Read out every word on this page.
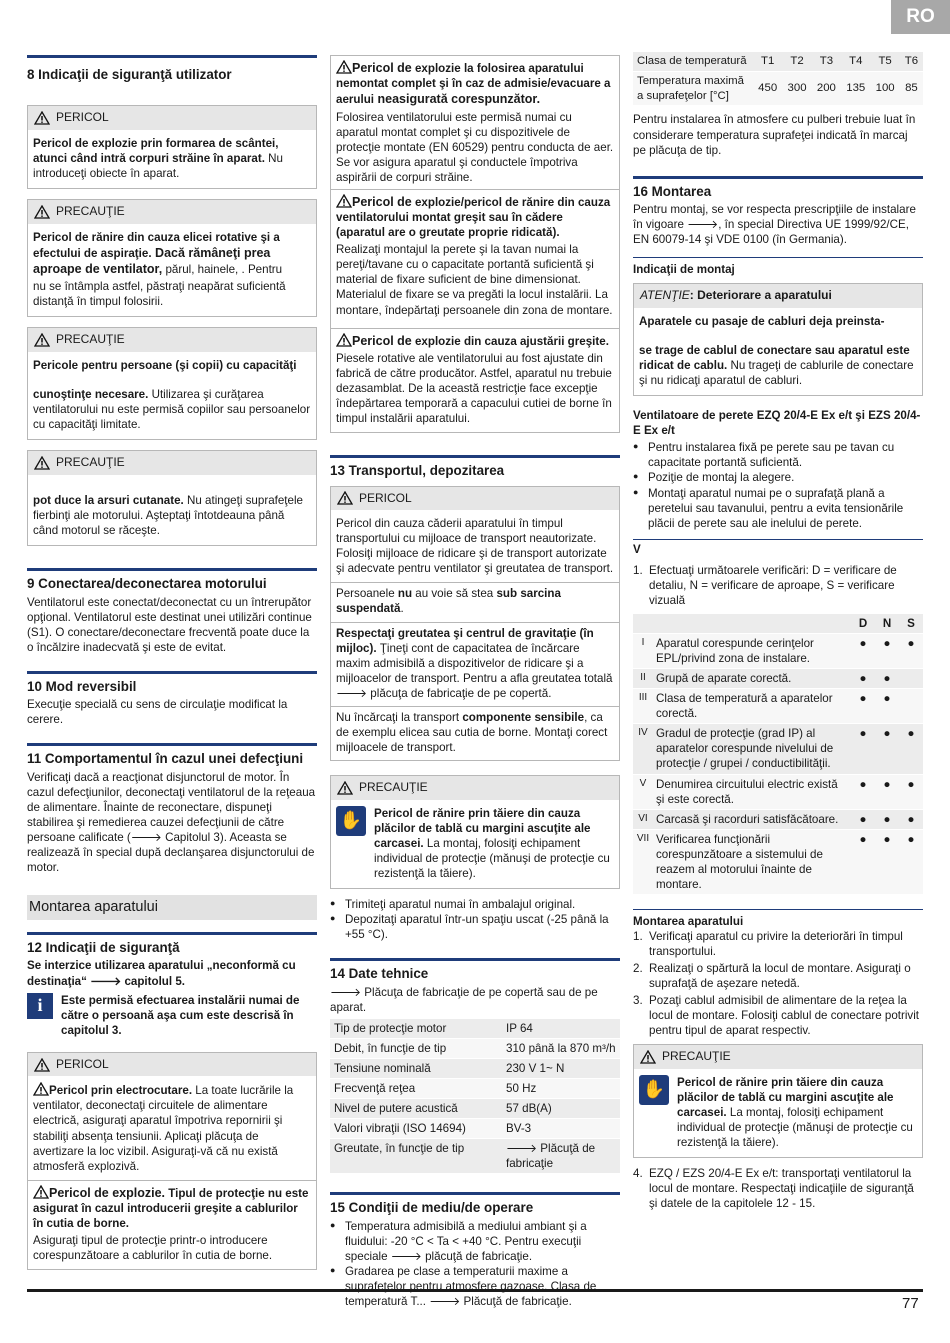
RO
8 Indicaţii de siguranţă utilizator
PERICOL

Pericol de explozie prin formarea de scântei, atunci când intră corpuri străine în aparat. Nu introduceţi obiecte în aparat.

PRECAUŢIE

Pericol de rănire din cauza elicei rotative şi a efectului de aspiraţie. Dacă rămâneţi prea aproape de ventilator, părul, hainele, . Pentru

nu se întâmpla astfel, păstraţi neapărat suficientă distanţă în timpul folosirii.

PRECAUŢIE

Pericole pentru persoane (şi copii) cu capacităţi

cunoştinţe necesare. Utilizarea şi curăţarea ventilatorului nu este permisă copiilor sau persoanelor cu capacităţi limitate.

PRECAUŢIE

pot duce la arsuri cutanate. Nu atingeţi suprafeţele fierbinţi ale motorului. Aşteptaţi întotdeauna până când motorul se răceşte.

9 Conectarea/deconectarea motorului

Ventilatorul este conectat/deconectat cu un întrerupător opţional. Ventilatorul este destinat unei utilizări continue (S1). O conectare/deconectare frecventă poate duce la o încălzire inadecvată şi este de evitat.

10 Mod reversibil

Execuţie specială cu sens de circulaţie modificat la cerere.

11 Comportamentul în cazul unei defecţiuni

Verificaţi dacă a reacţionat disjunctorul de motor. În cazul defecţiunilor, deconectaţi ventilatorul de la reţeaua de alimentare. Înainte de reconectare, dispuneţi stabilirea şi remedierea cauzei defecţiunii de către persoane calificate (🡒 Capitolul 3). Aceasta se realizează în special după declanşarea disjunctorului de motor.

Montarea aparatului
12 Indicaţii de siguranţă

Se interzice utilizarea aparatului „neconformă cu destinaţia“ 🡒 capitolul 5.

i	Este permisă efectuarea instalării numai de către o persoană aşa cum este descrisă în capitolul 3.

PERICOL

Pericol prin electrocutare. La toate lucrările la ventilator, deconectaţi circuitele de alimentare electrică, asiguraţi aparatul împotriva repornirii şi stabiliţi absenţa tensiunii. Aplicaţi plăcuţa de avertizare la loc vizibil. Asiguraţi-vă că nu există atmosferă explozivă.

Pericol de explozie. Tipul de protecţie nu este asigurat în cazul introducerii greşite a cablurilor în cutia de borne.

Asiguraţi tipul de protecţie printr-o introducere corespunzătoare a cablurilor în cutia de borne.

Pericol de explozie la folosirea aparatului nemontat complet şi în caz de admisie/evacuare a aerului neasigurată corespunzător.

Folosirea ventilatorului este permisă numai cu aparatul montat complet şi cu dispozitivele de protecţie montate (EN 60529) pentru conducta de aer. Se vor asigura aparatul şi conductele împotriva aspirării de corpuri străine.

Pericol de explozie/pericol de rănire din cauza ventilatorului montat greşit sau în cădere (aparatul are o greutate proprie ridicată).

Realizaţi montajul la perete şi la tavan numai la pereţi/tavane cu o capacitate portantă suficientă şi material de fixare suficient de bine dimensionat. Materialul de fixare se va pregăti la locul instalării. La montare, îndepărtaţi persoanele din zona de montare.

Pericol de explozie din cauza ajustării greşite.

Piesele rotative ale ventilatorului au fost ajustate din fabrică de către producător. Astfel, aparatul nu trebuie dezasamblat. De la această restricţie face excepţie îndepărtarea temporară a capacului cutiei de borne în timpul instalării aparatului.

13 Transportul, depozitarea
PERICOL

Pericol din cauza căderii aparatului în timpul transportului cu mijloace de transport neautorizate. Folosiţi mijloace de ridicare şi de transport autorizate şi adecvate pentru ventilator şi greutatea de transport.

Persoanele nu au voie să stea sub sarcina suspendată.

Respectaţi greutatea şi centrul de gravitaţie (în mijloc). Ţineţi cont de capacitatea de încărcare maxim admisibilă a dispozitivelor de ridicare şi a mijloacelor de transport. Pentru a afla greutatea totală 🡒 plăcuţa de fabricaţie de pe copertă.

Nu încărcaţi la transport componente sensibile, ca de exemplu elicea sau cutia de borne. Montaţi corect mijloacele de transport.

PRECAUŢIE
✋	Pericol de rănire prin tăiere din cauza plăcilor de tablă cu margini ascuţite ale carcasei. La montaj, folosiţi echipament individual de protecţie (mănuşi de protecţie cu rezistenţă la tăiere).

● Trimiteţi aparatul numai în ambalajul original.
● Depozitaţi aparatul într-un spaţiu uscat (-25 până la +55 °C).
14 Date tehnice

🡒 Plăcuţa de fabricaţie de pe copertă sau de pe aparat.

Tip de protecţie motor	IP 64
Debit, în funcţie de tip	310 până la 870 m³/h
Tensiune nominală	230 V 1~ N
Frecvenţă reţea	50 Hz
Nivel de putere acustică	57 dB(A)
Valori vibraţii (ISO 14694)	BV-3
Greutate, în funcţie de tip	🡒 Plăcuţă de fabricaţie
15 Condiţii de mediu/de operare
● Temperatura admisibilă a mediului ambiant şi a fluidului: -20 °C < Ta < +40 °C. Pentru execuţii speciale 🡒 plăcuţă de fabricaţie.
● Gradarea pe clase a temperaturii maxime a suprafeţelor pentru atmosfere gazoase. Clasa de temperatură T... 🡒 Plăcuţă de fabricaţie.
Clasa de temperatură	T1	T2	T3	T4	T5	T6
Temperatura maximă a suprafeţelor [°C]	450	300	200	135	100	85

Pentru instalarea în atmosfere cu pulberi trebuie luat în considerare temperatura suprafeţei indicată în marcaj pe plăcuţa de tip.

16 Montarea

Pentru montaj, se vor respecta prescripţiile de instalare în vigoare 🡒, în special Directiva UE 1999/92/CE, EN 60079-14 şi VDE 0100 (în Germania).

Indicaţii de montaj
ATENŢIE: Deteriorare a aparatului

Aparatele cu pasaje de cabluri deja preinsta-

se trage de cablul de conectare sau aparatul este ridicat de cablu. Nu trageţi de cablurile de conectare şi nu ridicaţi aparatul de cabluri.

Ventilatoare de perete EZQ 20/4-E Ex e/t şi EZS 20/4-E Ex e/t

● Pentru instalarea fixă pe perete sau pe tavan cu capacitate portantă suficientă.
● Poziţie de montaj la alegere.
● Montaţi aparatul numai pe o suprafaţă plană a peretelui sau tavanului, pentru a evita tensionările plăcii de perete sau ale inelului de perete.
V
1. Efectuaţi următoarele verificări: D = verificare de detaliu, N = verificare de aproape, S = verificare vizuală
		D	N	S
I	Aparatul corespunde cerinţelor EPL/privind zona de instalare.	●	●	●
II	Grupă de aparate corectă.	●	●	
III	Clasa de temperatură a aparatelor corectă.	●	●	
IV	Gradul de protecţie (grad IP) al aparatelor corespunde nivelului de protecţie / grupei / conductibilităţii.	●	●	●
V	Denumirea circuitului electric există şi este corectă.	●	●	●
VI	Carcasă şi racorduri satisfăcătoare.	●	●	●
VII	Verificarea funcţionării corespunzătoare a sistemului de reazem al motorului înainte de montare.	●	●	●
Montarea aparatului
1. Verificaţi aparatul cu privire la deteriorări în timpul transportului.
2. Realizaţi o spărtură la locul de montare. Asiguraţi o suprafaţă de aşezare netedă.
3. Pozaţi cablul admisibil de alimentare de la reţea la locul de montare. Folosiţi cablul de conectare potrivit pentru tipul de aparat respectiv.
PRECAUŢIE
✋	Pericol de rănire prin tăiere din cauza plăcilor de tablă cu margini ascuţite ale carcasei. La montaj, folosiţi echipament individual de protecţie (mănuşi de protecţie cu rezistenţă la tăiere).

4. EZQ / EZS 20/4-E Ex e/t: transportaţi ventilatorul la locul de montare. Respectaţi indicaţiile de siguranţă şi datele de la capitolele 12 - 15.
77
